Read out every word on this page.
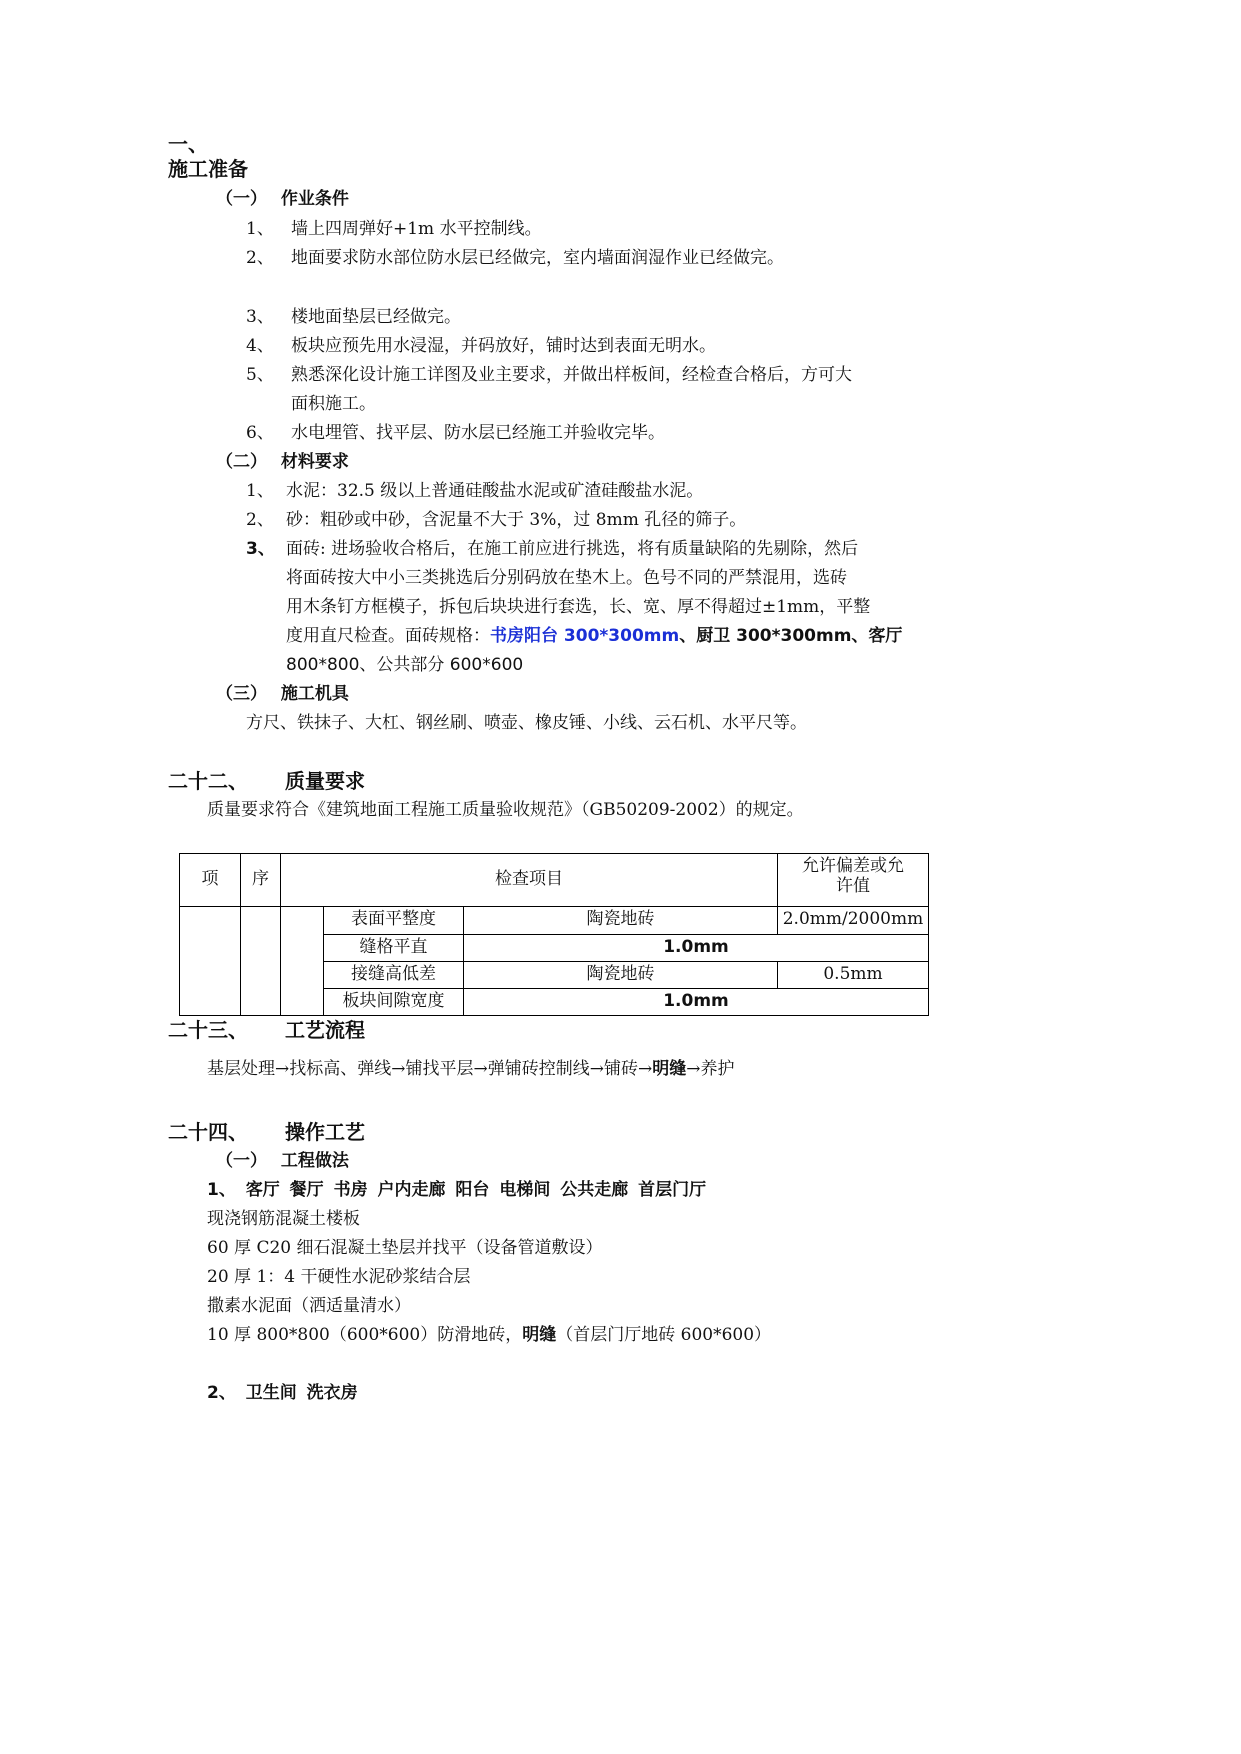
一、
施工准备
（一） 作业条件
1、 墙上四周弹好+1m 水平控制线。
2、 地面要求防水部位防水层已经做完，室内墙面润湿作业已经做完。
3、 楼地面垫层已经做完。
4、 板块应预先用水浸湿，并码放好，铺时达到表面无明水。
5、 熟悉深化设计施工详图及业主要求，并做出样板间，经检查合格后，方可大
面积施工。
6、 水电埋管、找平层、防水层已经施工并验收完毕。
（二） 材料要求
1、 水泥：32.5 级以上普通硅酸盐水泥或矿渣硅酸盐水泥。
2、 砂：粗砂或中砂，含泥量不大于 3%，过 8mm 孔径的筛子。
3、 面砖: 进场验收合格后，在施工前应进行挑选，将有质量缺陷的先剔除，然后
将面砖按大中小三类挑选后分别码放在垫木上。色号不同的严禁混用，选砖
用木条钉方框模子，拆包后块块进行套选，长、宽、厚不得超过±1mm，平整
度用直尺检查。面砖规格：书房阳台 300*300mm、厨卫 300*300mm、客厅
800*800、公共部分 600*600
（三） 施工机具
方尺、铁抹子、大杠、钢丝刷、喷壶、橡皮锤、小线、云石机、水平尺等。
二十二、 质量要求
质量要求符合《建筑地面工程施工质量验收规范》（GB50209-2002）的规定。
项	序	检查项目
允许偏差或允
许值
表面平整度	陶瓷地砖	2.0mm/2000mm
缝格平直	1.0mm
接缝高低差	陶瓷地砖	0.5mm
板块间隙宽度	1.0mm
二十三、 工艺流程
基层处理→找标高、弹线→铺找平层→弹铺砖控制线→铺砖→明缝→养护
二十四、 操作工艺
（一） 工程做法
1、 客厅 餐厅 书房 户内走廊 阳台 电梯间 公共走廊 首层门厅
现浇钢筋混凝土楼板
60 厚 C20 细石混凝土垫层并找平（设备管道敷设）
20 厚 1：4 干硬性水泥砂浆结合层
撒素水泥面（洒适量清水）
10 厚 800*800（600*600）防滑地砖，明缝（首层门厅地砖 600*600）
2、 卫生间 洗衣房
